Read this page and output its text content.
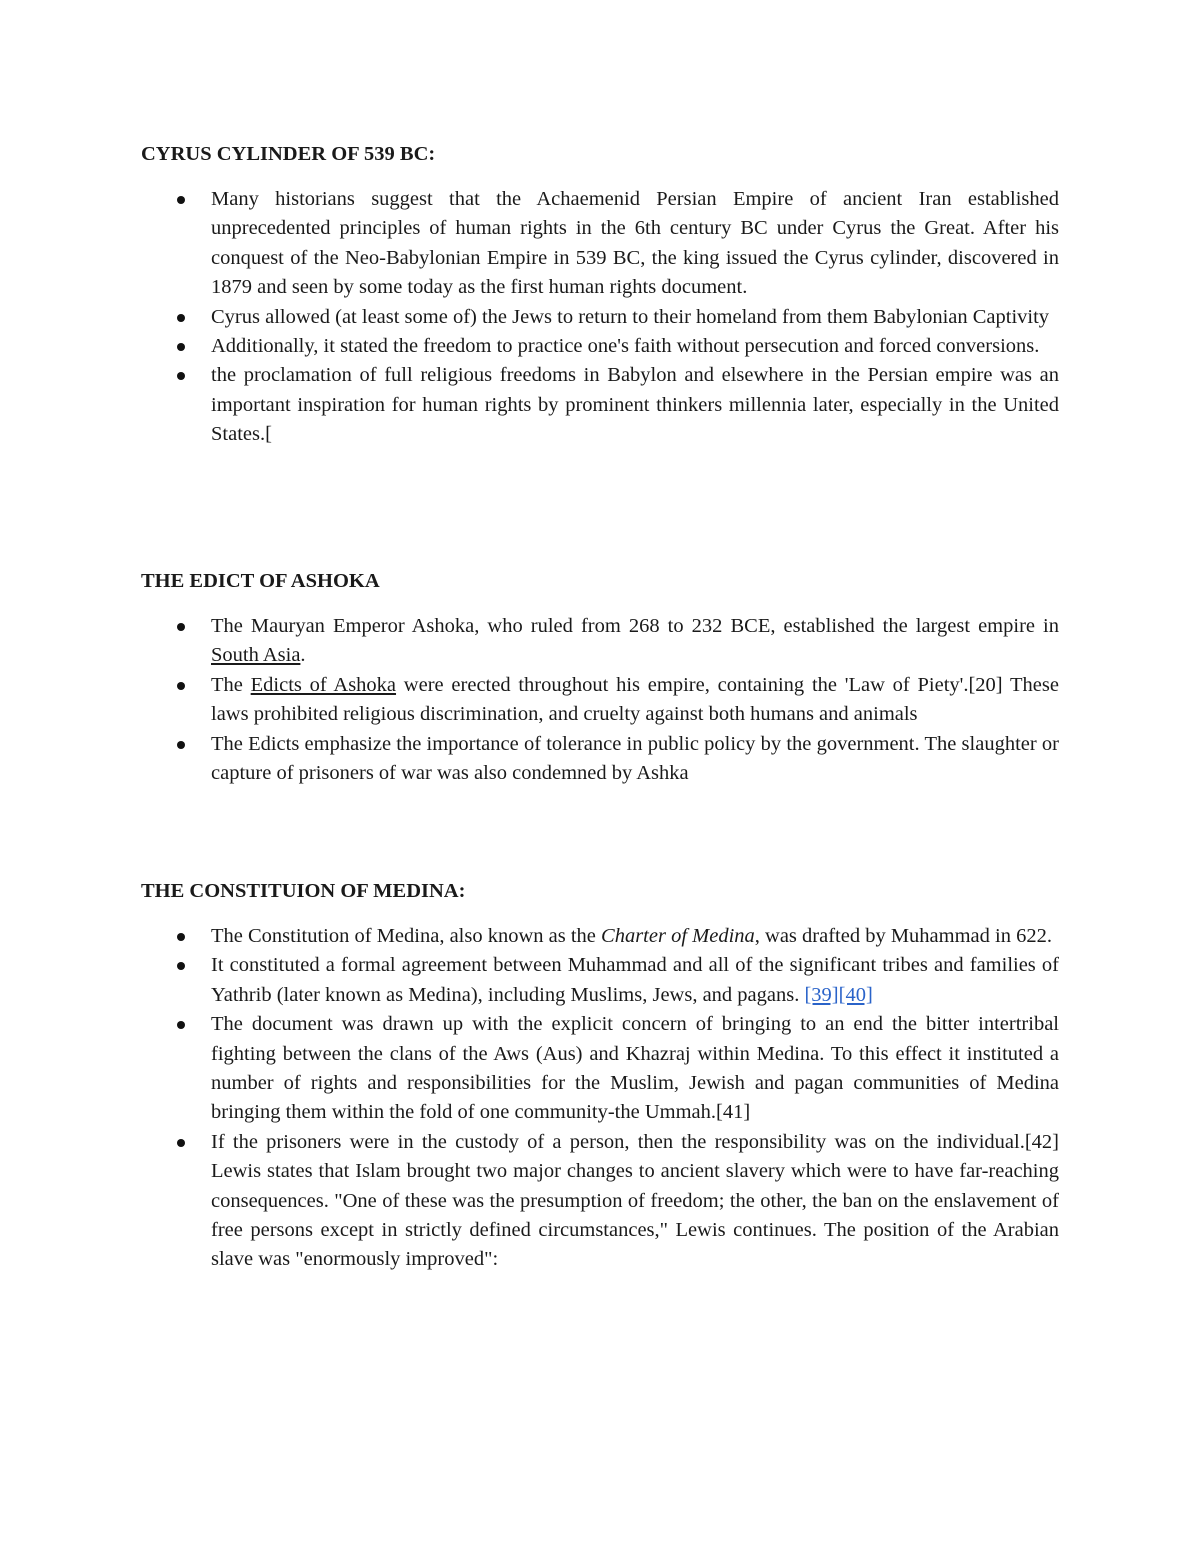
CYRUS CYLINDER OF 539 BC:

Many historians suggest that the Achaemenid Persian Empire of ancient Iran established unprecedented principles of human rights in the 6th century BC under Cyrus the Great. After his conquest of the Neo-Babylonian Empire in 539 BC, the king issued the Cyrus cylinder, discovered in 1879 and seen by some today as the first human rights document.
Cyrus allowed (at least some of) the Jews to return to their homeland from them Babylonian Captivity
Additionally, it stated the freedom to practice one's faith without persecution and forced conversions.
the proclamation of full religious freedoms in Babylon and elsewhere in the Persian empire was an important inspiration for human rights by prominent thinkers millennia later, especially in the United States.[

THE EDICT OF ASHOKA

The Mauryan Emperor Ashoka, who ruled from 268 to 232 BCE, established the largest empire in South Asia.
The Edicts of Ashoka were erected throughout his empire, containing the 'Law of Piety'.[20] These laws prohibited religious discrimination, and cruelty against both humans and animals
The Edicts emphasize the importance of tolerance in public policy by the government. The slaughter or capture of prisoners of war was also condemned by Ashka

THE CONSTITUION OF MEDINA:

The Constitution of Medina, also known as the Charter of Medina, was drafted by Muhammad in 622.
It constituted a formal agreement between Muhammad and all of the significant tribes and families of Yathrib (later known as Medina), including Muslims, Jews, and pagans. [39][40]
The document was drawn up with the explicit concern of bringing to an end the bitter intertribal fighting between the clans of the Aws (Aus) and Khazraj within Medina. To this effect it instituted a number of rights and responsibilities for the Muslim, Jewish and pagan communities of Medina bringing them within the fold of one community-the Ummah.[41]
If the prisoners were in the custody of a person, then the responsibility was on the individual.[42] Lewis states that Islam brought two major changes to ancient slavery which were to have far-reaching consequences. "One of these was the presumption of freedom; the other, the ban on the enslavement of free persons except in strictly defined circumstances," Lewis continues. The position of the Arabian slave was "enormously improved":
